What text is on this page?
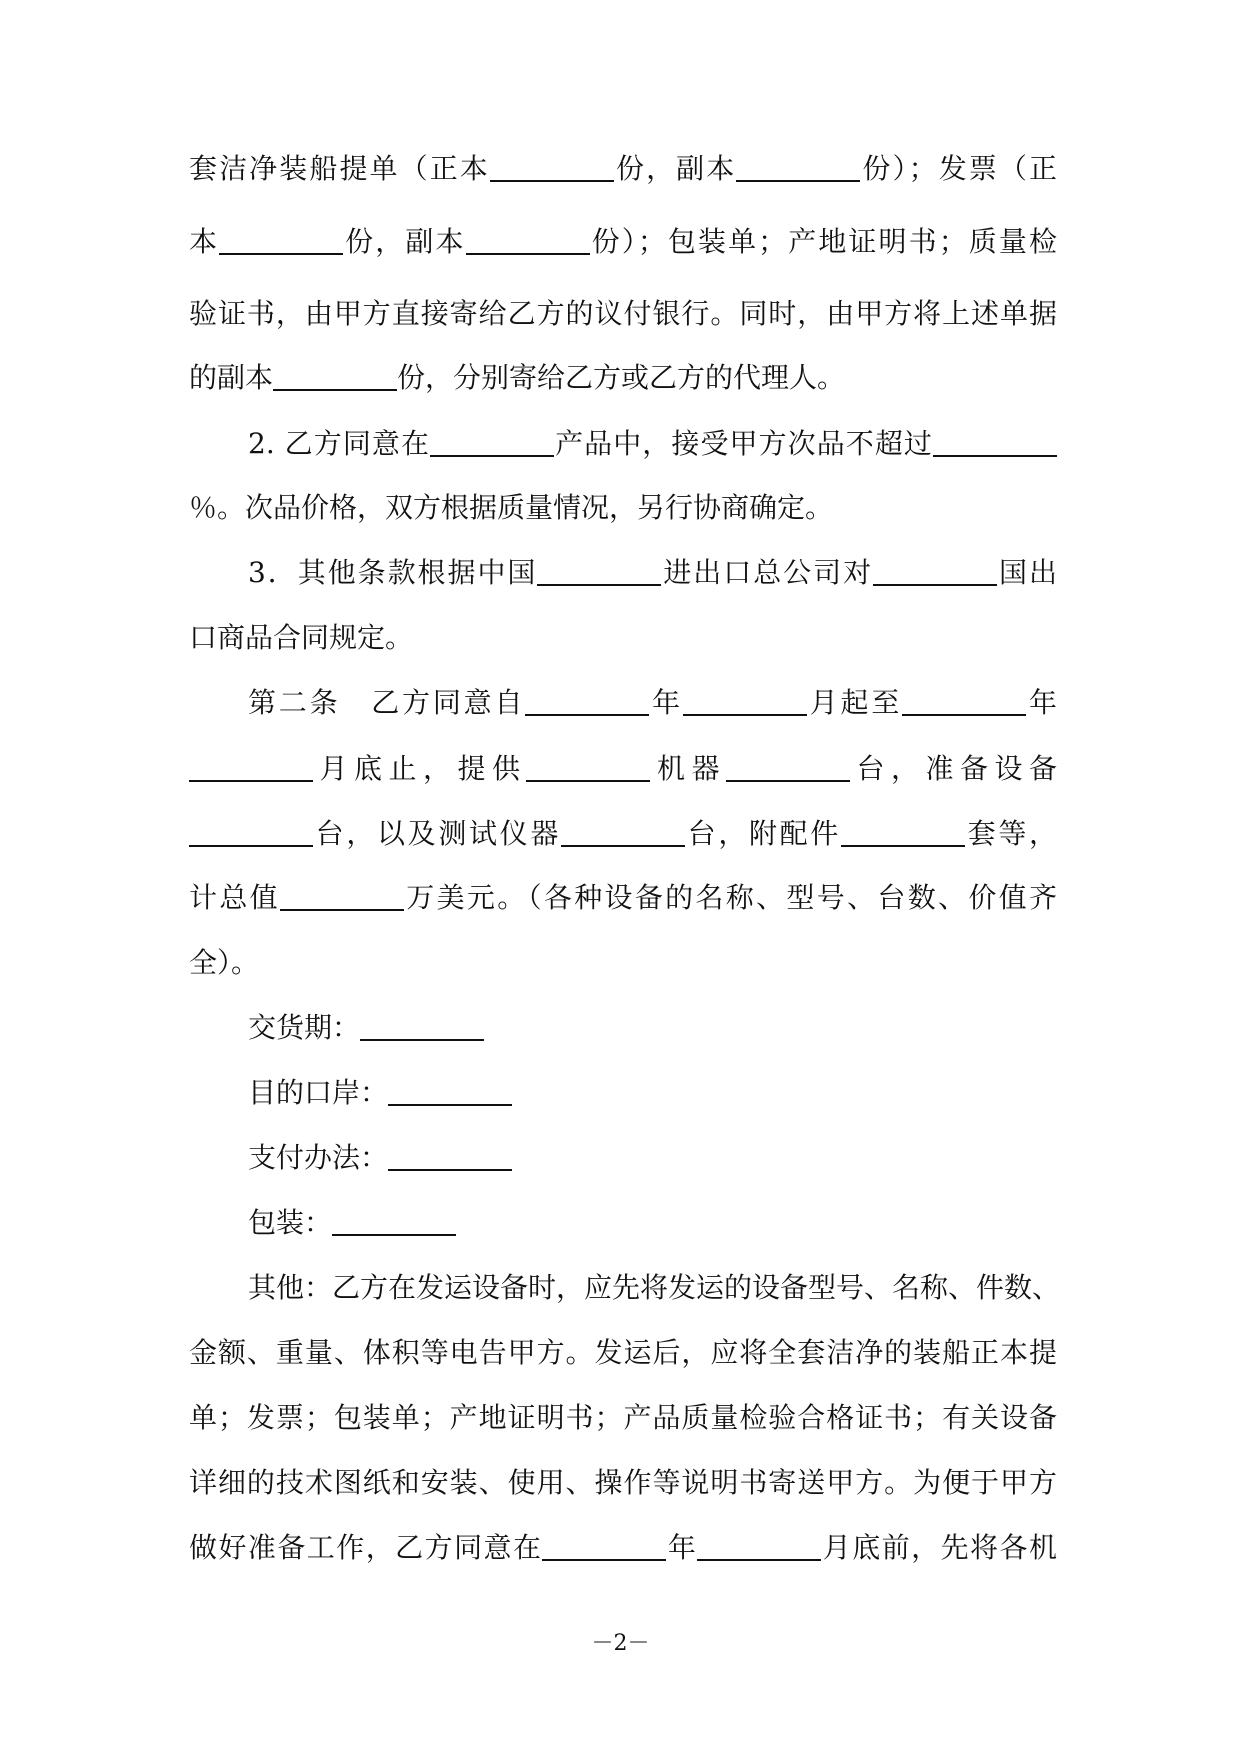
套洁净装船提单（正本	份，副本	份）；发票（正
本	份，副本	份）；包装单；产地证明书；质量检
验证书，由甲方直接寄给乙方的议付银行。同时，由甲方将上述单据
的副本	份，分别寄给乙方或乙方的代理人。
2. 乙方同意在	产品中，接受甲方次品不超过
％。次品价格，双方根据质量情况，另行协商确定。
3．其他条款根据中国	进出口总公司对	国出
口商品合同规定。
第二条　乙方同意自	年	月起至	年
月底止，提供	机器	台，准备设备
台，以及测试仪器	台，附配件	套等，
计总值	万美元。（各种设备的名称、型号、台数、价值齐
全）。
交货期：
目的口岸：
支付办法：
包装：
其他：乙方在发运设备时，应先将发运的设备型号、名称、件数、
金额、重量、体积等电告甲方。发运后，应将全套洁净的装船正本提
单；发票；包装单；产地证明书；产品质量检验合格证书；有关设备
详细的技术图纸和安装、使用、操作等说明书寄送甲方。为便于甲方
做好准备工作，乙方同意在	年	月底前，先将各机
－2－
